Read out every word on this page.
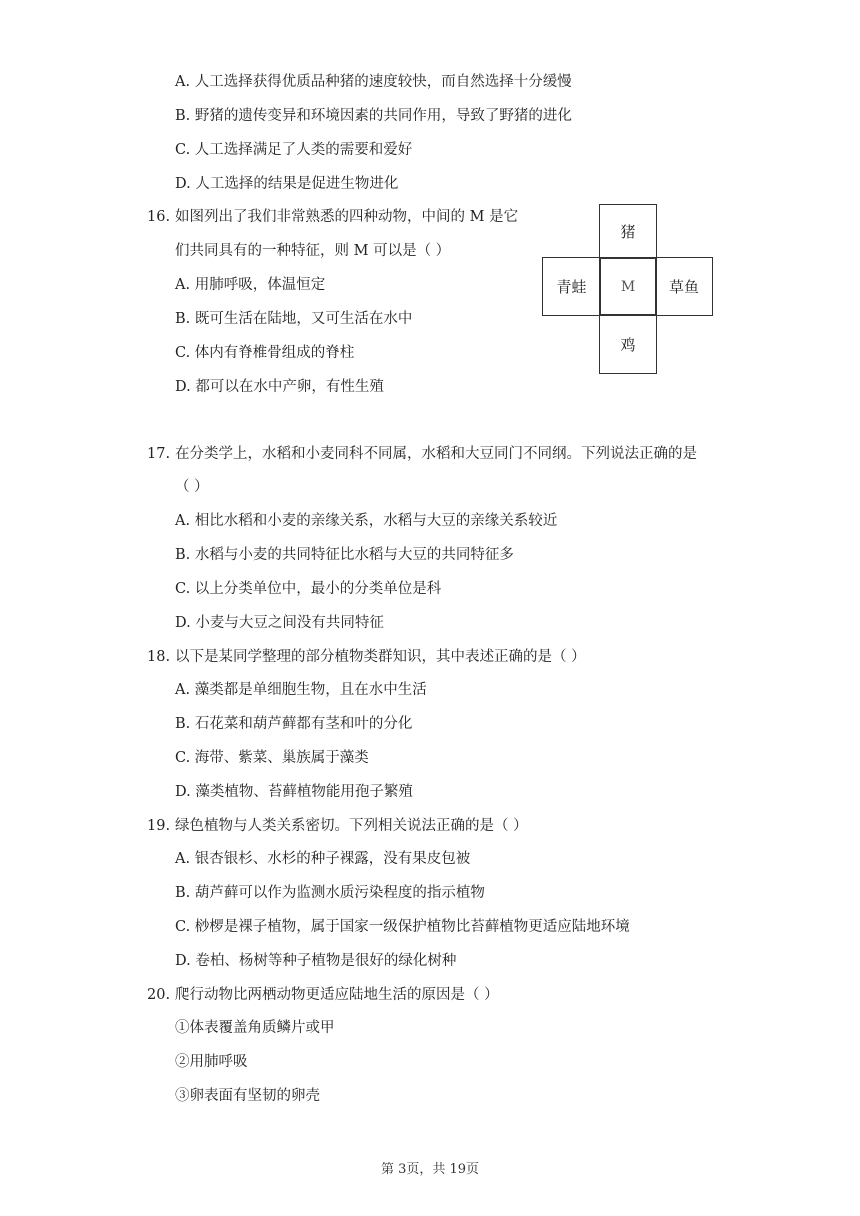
A. 人工选择获得优质品种猪的速度较快，而自然选择十分缓慢
B. 野猪的遗传变异和环境因素的共同作用，导致了野猪的进化
C. 人工选择满足了人类的需要和爱好
D. 人工选择的结果是促进生物进化
16. 如图列出了我们非常熟悉的四种动物，中间的 M 是它
们共同具有的一种特征，则 M 可以是（ ）
A. 用肺呼吸，体温恒定
B. 既可生活在陆地，又可生活在水中
C. 体内有脊椎骨组成的脊柱
D. 都可以在水中产卵，有性生殖
猪
青蛙	M	草鱼
鸡
17. 在分类学上，水稻和小麦同科不同属，水稻和大豆同门不同纲。下列说法正确的是
（ ）
A. 相比水稻和小麦的亲缘关系，水稻与大豆的亲缘关系较近
B. 水稻与小麦的共同特征比水稻与大豆的共同特征多
C. 以上分类单位中，最小的分类单位是科
D. 小麦与大豆之间没有共同特征
18. 以下是某同学整理的部分植物类群知识，其中表述正确的是（ ）
A. 藻类都是单细胞生物，且在水中生活
B. 石花菜和葫芦藓都有茎和叶的分化
C. 海带、紫菜、巢族属于藻类
D. 藻类植物、苔藓植物能用孢子繁殖
19. 绿色植物与人类关系密切。下列相关说法正确的是（ ）
A. 银杏银杉、水杉的种子裸露，没有果皮包被
B. 葫芦藓可以作为监测水质污染程度的指示植物
C. 桫椤是裸子植物，属于国家一级保护植物比苔藓植物更适应陆地环境
D. 卷柏、杨树等种子植物是很好的绿化树种
20. 爬行动物比两栖动物更适应陆地生活的原因是（ ）
①体表覆盖角质鳞片或甲
②用肺呼吸
③卵表面有坚韧的卵壳
第 3页，共 19页
